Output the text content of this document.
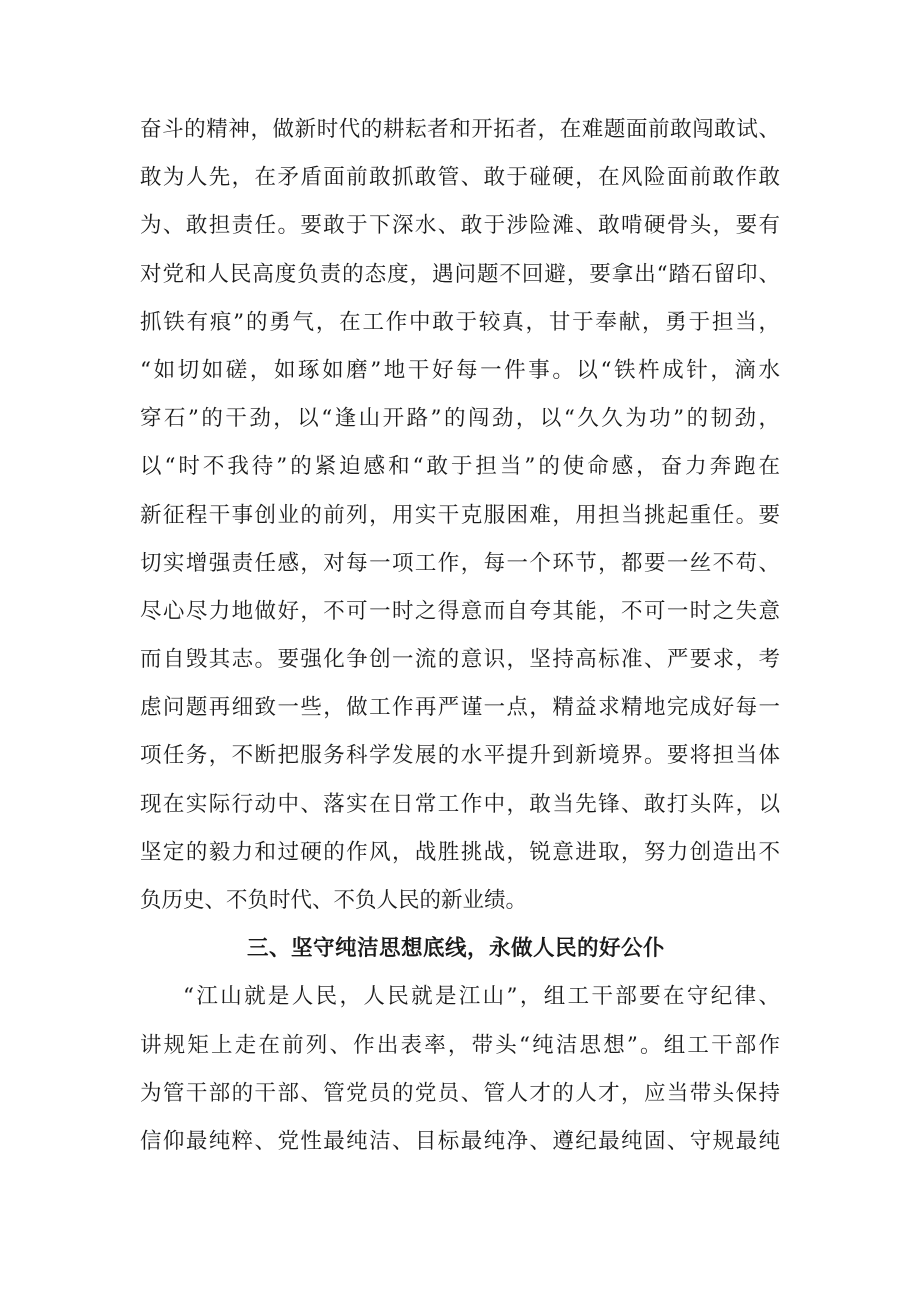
奋斗的精神，做新时代的耕耘者和开拓者，在难题面前敢闯敢试、
敢为人先，在矛盾面前敢抓敢管、敢于碰硬，在风险面前敢作敢
为、敢担责任。要敢于下深水、敢于涉险滩、敢啃硬骨头，要有
对党和人民高度负责的态度，遇问题不回避，要拿出“踏石留印、
抓铁有痕”的勇气，在工作中敢于较真，甘于奉献，勇于担当，
“如切如磋，如琢如磨”地干好每一件事。以“铁杵成针，滴水
穿石”的干劲，以“逢山开路”的闯劲，以“久久为功”的韧劲，
以“时不我待”的紧迫感和“敢于担当”的使命感，奋力奔跑在
新征程干事创业的前列，用实干克服困难，用担当挑起重任。要
切实增强责任感，对每一项工作，每一个环节，都要一丝不苟、
尽心尽力地做好，不可一时之得意而自夸其能，不可一时之失意
而自毁其志。要强化争创一流的意识，坚持高标准、严要求，考
虑问题再细致一些，做工作再严谨一点，精益求精地完成好每一
项任务，不断把服务科学发展的水平提升到新境界。要将担当体
现在实际行动中、落实在日常工作中，敢当先锋、敢打头阵，以
坚定的毅力和过硬的作风，战胜挑战，锐意进取，努力创造出不
负历史、不负时代、不负人民的新业绩。
三、坚守纯洁思想底线，永做人民的好公仆
“江山就是人民，人民就是江山”，组工干部要在守纪律、
讲规矩上走在前列、作出表率，带头“纯洁思想”。组工干部作
为管干部的干部、管党员的党员、管人才的人才，应当带头保持
信仰最纯粹、党性最纯洁、目标最纯净、遵纪最纯固、守规最纯
